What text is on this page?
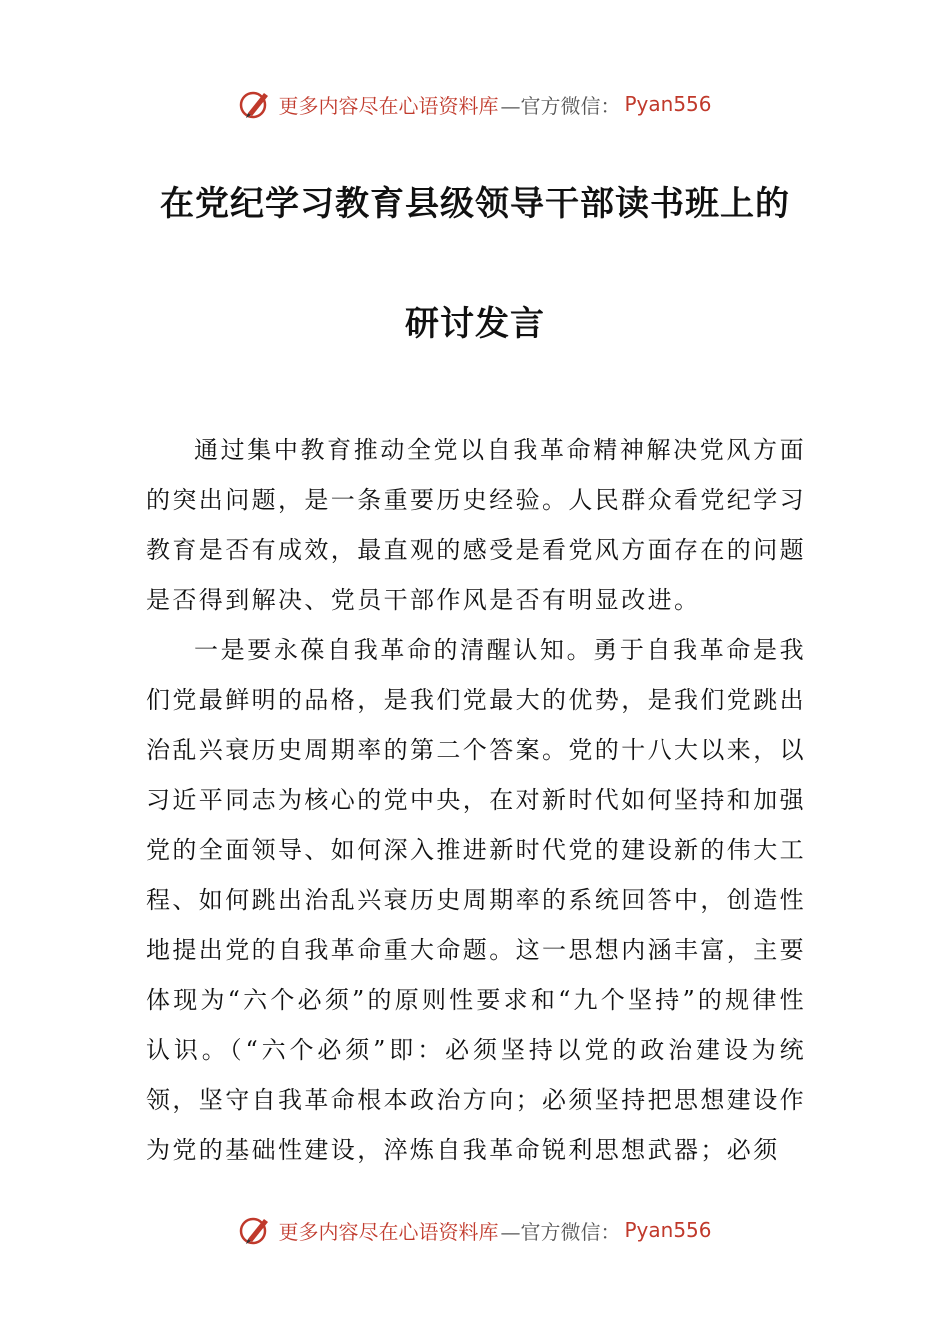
更多内容尽在心语资料库 —官方微信： Pyan556
在党纪学习教育县级领导干部读书班上的
研讨发言

通过集中教育推动全党以自我革命精神解决党风方面的突出问题，是一条重要历史经验。人民群众看党纪学习教育是否有成效，最直观的感受是看党风方面存在的问题是否得到解决、党员干部作风是否有明显改进。

一是要永葆自我革命的清醒认知。勇于自我革命是我们党最鲜明的品格，是我们党最大的优势，是我们党跳出治乱兴衰历史周期率的第二个答案。党的十八大以来，以习近平同志为核心的党中央，在对新时代如何坚持和加强党的全面领导、如何深入推进新时代党的建设新的伟大工程、如何跳出治乱兴衰历史周期率的系统回答中，创造性地提出党的自我革命重大命题。这一思想内涵丰富，主要体现为“六个必须”的原则性要求和“九个坚持”的规律性认识。（“六个必须”即：必须坚持以党的政治建设为统领，坚守自我革命根本政治方向；必须坚持把思想建设作为党的基础性建设，淬炼自我革命锐利思想武器；必须

更多内容尽在心语资料库 —官方微信： Pyan556
